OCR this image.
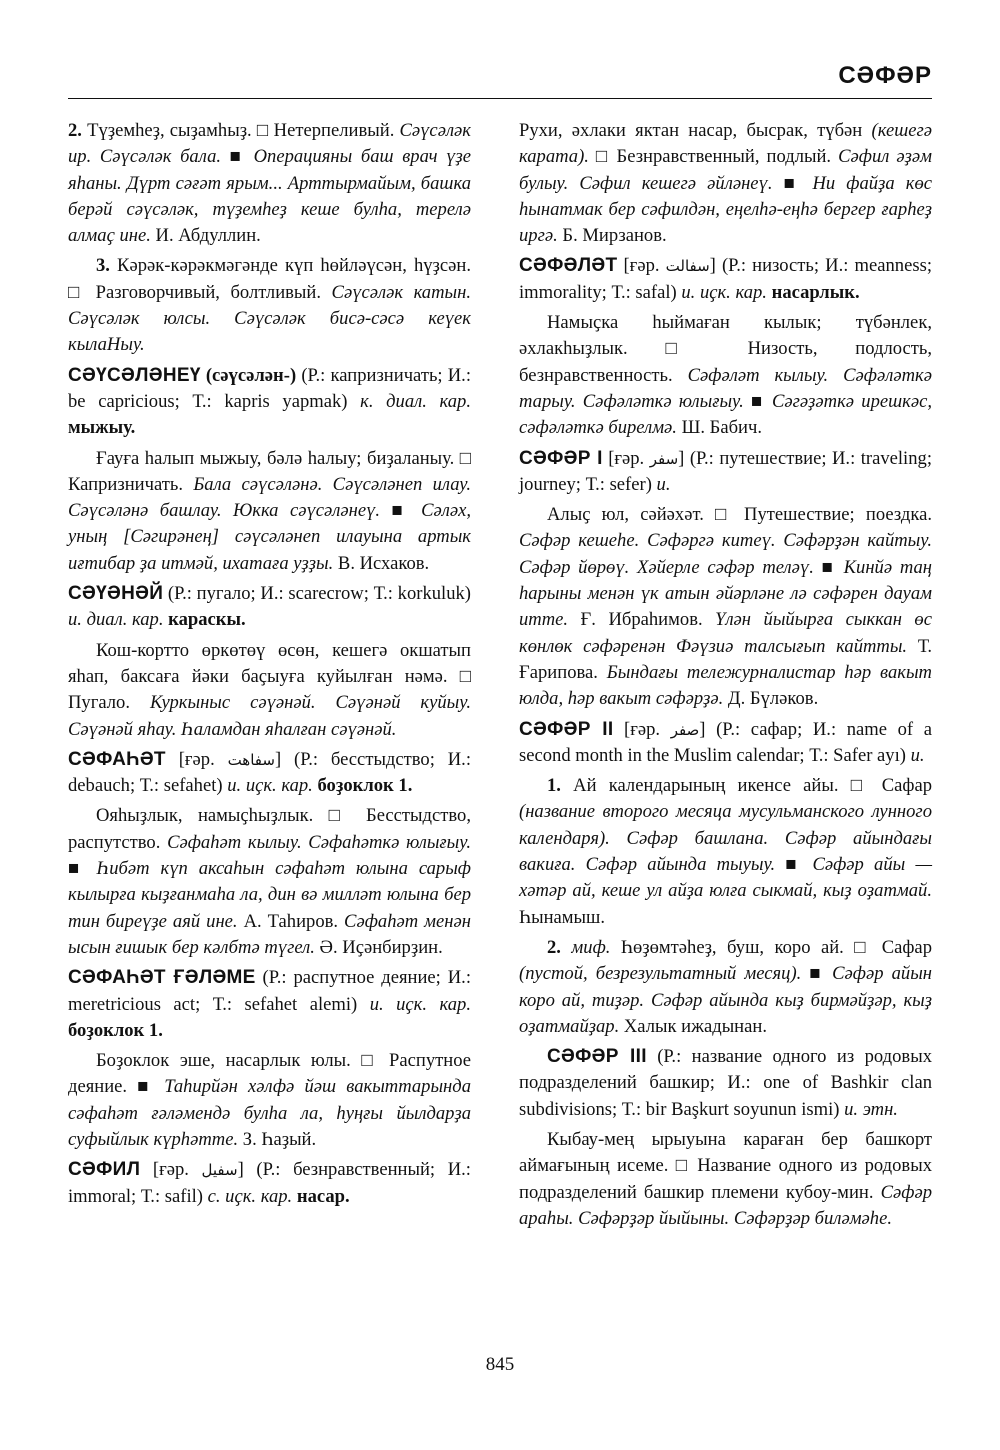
СӘФӘР

2. Түҙемһеҙ, сыҙамһыҙ. □ Нетерпеливый. Сәүсәләк ир. Сәүсәләк бала. ■ Операцияны баш врач үҙе яһаны. Дүрт сәғәт ярым... Арттырмайым, башка берәй сәүсәләк, түҙемһеҙ кеше булһа, терелә алмаҫ ине. И. Абдуллин.

3. Кәрәк-кәрәкмәгәнде күп һөйләүсән, һүҙсән. □ Разговорчивый, болтливый. Сәүсәләк катын. Сәүсәләк юлсы. Сәүсәләк бисә-сәсә кеүек кылаНыу.

СӘҮСӘЛӘНЕҮ (сәүсәлән-) (Р.: капризничать; И.: be capricious; Т.: kapris yapmak) к. диал. кар. мыжыу.

Ғауға һалып мыжыу, бәлә һалыу; биҙаланыу. □ Капризничать. Бала сәүсәләнә. Сәүсәләнеп илау. Сәүсәләнә башлау. Юкка сәүсәләнеү. ■ Сәләх, уның [Сәгирәнең] сәүсәләнеп илауына артык иғтибар ҙа итмәй, ихатаға уҙҙы. В. Исхаков.

СӘҮӘНӘЙ (Р.: пугало; И.: scarecrow; Т.: korkuluk) и. диал. кар. караскы.

Кош-кортто өркөтөү өсөн, кешегә окшатып яһап, баксаға йәки баҫыуға куйылған нәмә. □ Пугало. Куркыныс сәүәнәй. Сәүәнәй куйыу. Сәүәнәй яһау. Һаламдан яһалған сәүәнәй.

СӘФАҺӘТ [ғәр. سفاهت] (Р.: бесстыдство; И.: debauch; Т.: sefahet) и. иҫк. кар. боҙоклок 1.

Ояһыҙлык, намыҫһыҙлык. □ Бесстыдство, распутство. Сәфаһәт кылыу. Сәфаһәткә юлығыу. ■ Һибәт күп аксаһын сәфаһәт юлына сарыф кылырға кыҙғанмаһа ла, дин вә милләт юлына бер тин биреүҙе аяй ине. А. Таһиров. Сәфаһәт менән ысын ғишык бер кәлбтә түгел. Ә. Иҫәнбирҙин.

СӘФАҺӘТ ҒӘЛӘМЕ (Р.: распутное деяние; И.: meretricious act; Т.: sefahet alemi) и. иҫк. кар. боҙоклок 1.

Боҙоклок эше, насарлык юлы. □ Распутное деяние. ■ Таһирйән хәлфә йәш вакыттарында сәфаһәт ғәләмендә булһа ла, һуңғы йылдарҙа суфыйлык күрһәтте. З. Һаҙый.

СӘФИЛ [ғәр. سفيل] (Р.: безнравственный; И.: immoral; Т.: safil) с. иҫк. кар. насар.

Рухи, әхлаки яктан насар, бысрак, түбән (кешегә карата). □ Безнравственный, подлый. Сәфил әҙәм булыу. Сәфил кешегә әйләнеү. ■ Ни файҙа көс һынатмак бер сәфилдән, еңелһә-еңһә бергер ғарһеҙ иргә. Б. Мирзанов.

СӘФӘЛӘТ [ғәр. سفالت] (Р.: низость; И.: meanness; immorality; Т.: safal) и. иҫк. кар. насарлык.

Намыҫка һыймаған кылык; түбәнлек, әхлакһыҙлык. □ Низость, подлость, безнравственность. Сәфәләт кылыу. Сәфәләткә тарыу. Сәфәләткә юлығыу. ■ Сәгәҙәткә ирешкәс, сәфәләткә бирелмә. Ш. Бабич.

СӘФӘР I [ғәр. سفر] (Р.: путешествие; И.: traveling; journey; Т.: sefer) и.

Алыҫ юл, сәйәхәт. □ Путешествие; поездка. Сәфәр кешеһе. Сәфәргә китеү. Сәфәрҙән кайтыу. Сәфәр йөрөү. Хәйерле сәфәр теләү. ■ Кинйә таң һарыны менән үк атын әйәрләне лә сәфәрен дауам итте. Ғ. Ибраһимов. Үлән йыйырға сыккан өс көнлөк сәфәренән Фәүзиә талсығып кайтты. Т. Ғарипова. Бындағы тележурналистар һәр вакыт юлда, һәр вакыт сәфәрҙә. Д. Бүләков.

СӘФӘР II [ғәр. صفر] (Р.: сафар; И.: name of a second month in the Muslim calendar; Т.: Safer ayı) и.

1. Ай календарының икенсе айы. □ Сафар (название второго месяца мусульманского лунного календаря). Сәфәр башлана. Сәфәр айындағы вакиға. Сәфәр айында тыуыу. ■ Сәфәр айы — хәтәр ай, кеше ул айҙа юлға сыкмай, кыҙ оҙатмай. Һынамыш.

2. миф. Һөҙөмтәһеҙ, буш, коро ай. □ Сафар (пустой, безрезультатный месяц). ■ Сәфәр айын коро ай, тиҙәр. Сәфәр айында кыҙ бирмәйҙәр, кыҙ оҙатмайҙар. Халык ижадынан.

СӘФӘР III (Р.: название одного из родовых подразделений башкир; И.: one of Bashkir clan subdivisions; Т.: bir Başkurt soyunun ismi) и. этн.

Кыбау-мең ырыуына караған бер башкорт аймағының исеме. □ Название одного из родовых подразделений башкир племени кубоу-мин. Сәфәр араһы. Сәфәрҙәр йыйыны. Сәфәрҙәр биләмәһе.

845
